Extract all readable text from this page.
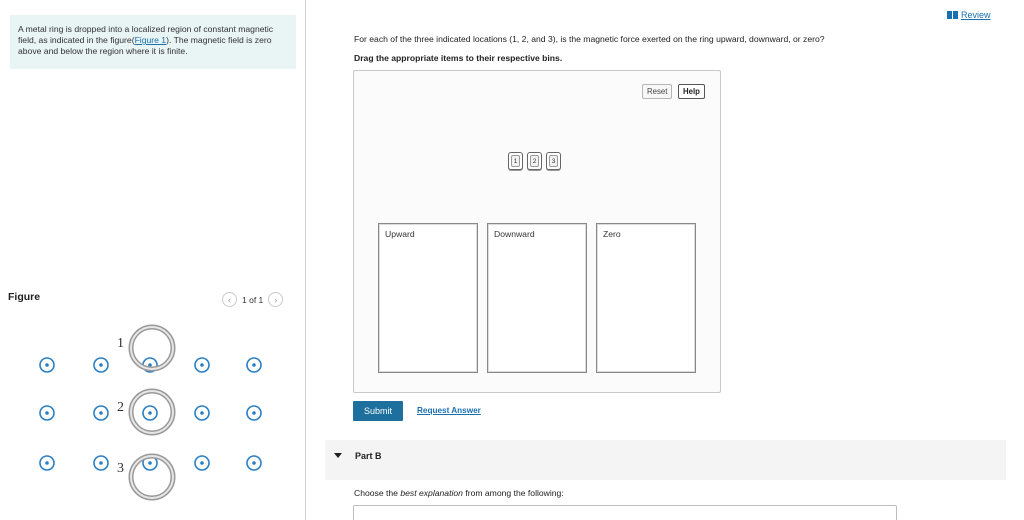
A metal ring is dropped into a localized region of constant magnetic field, as indicated in the figure(Figure 1). The magnetic field is zero above and below the region where it is finite.
Figure	‹	1 of 1	›
1
2
3
Review
For each of the three indicated locations (1, 2, and 3), is the magnetic force exerted on the ring upward, downward, or zero?
Drag the appropriate items to their respective bins.
Reset	Help
1	2	3
Upward	Downward	Zero
Submit	Request Answer
Part B
Choose the best explanation from among the following:
